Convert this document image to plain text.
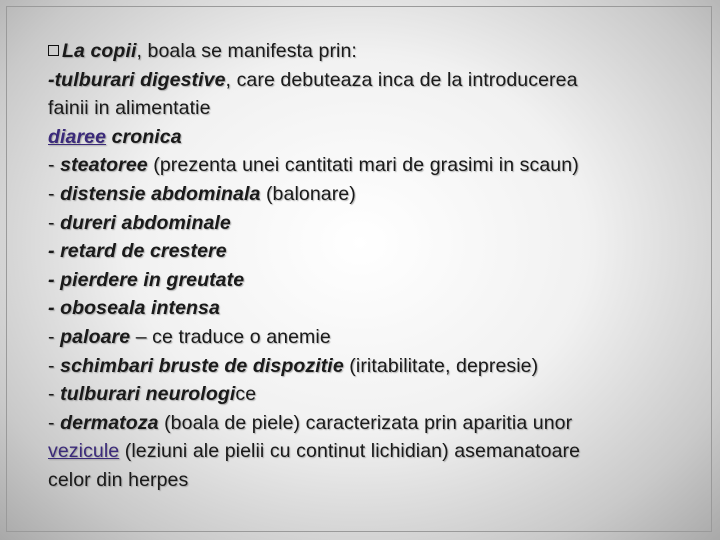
La copii, boala se manifesta prin:
-tulburari digestive, care debuteaza inca de la introducerea
fainii in alimentatie
diaree cronica
- steatoree (prezenta unei cantitati mari de grasimi in scaun)
- distensie abdominala (balonare)
- dureri abdominale
- retard de crestere
- pierdere in greutate
- oboseala intensa
- paloare – ce traduce o anemie
- schimbari bruste de dispozitie (iritabilitate, depresie)
- tulburari neurologice
- dermatoza (boala de piele) caracterizata prin aparitia unor
vezicule (leziuni ale pielii cu continut lichidian) asemanatoare
celor din herpes
